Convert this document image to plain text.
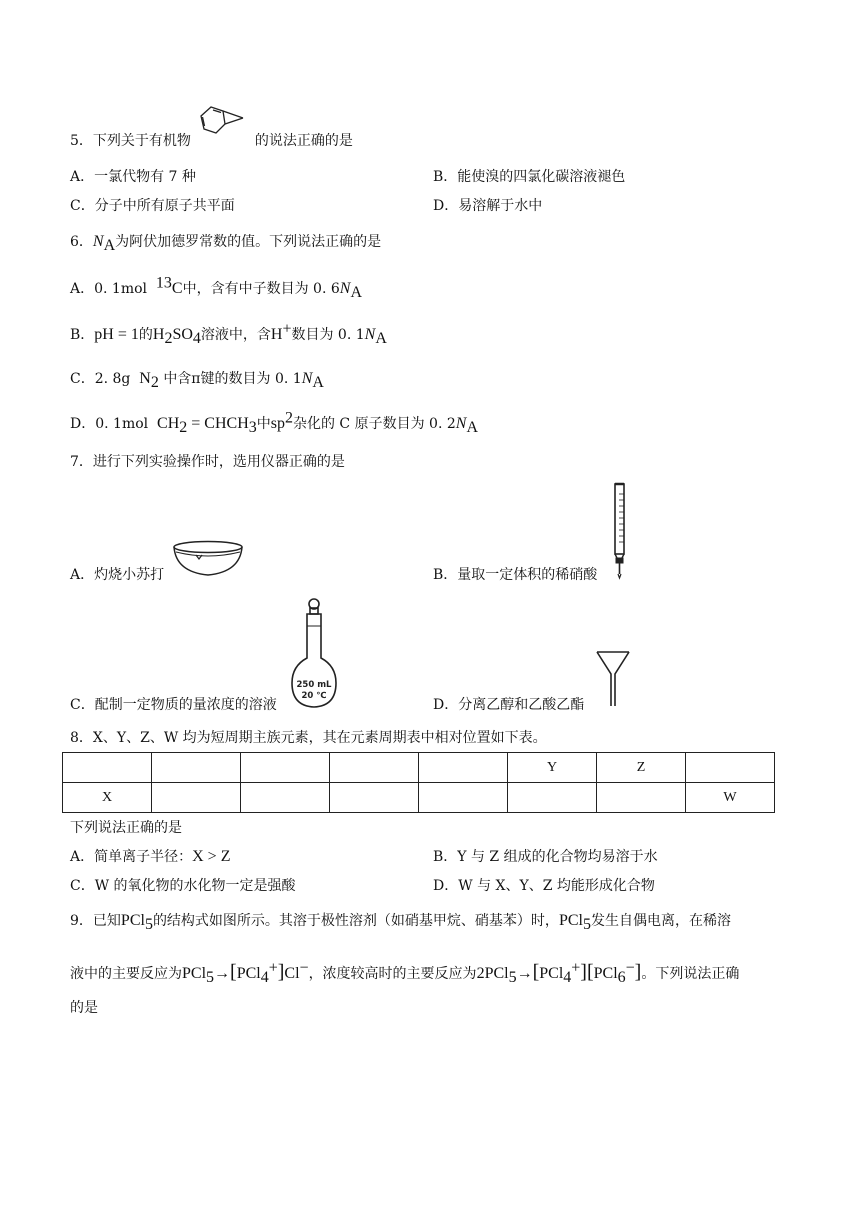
5．下列关于有机物	的说法正确的是
A．一氯代物有 7 种	B．能使溴的四氯化碳溶液褪色
C．分子中所有原子共平面	D．易溶解于水中
6．$N_A$为阿伏加德罗常数的值。下列说法正确的是
A．0. 1mol $^{13}$C中，含有中子数目为 0. $6N_A$
B．pH = 1的$H_2SO_4$溶液中，含H+数目为 0. $1N_A$
C．2. 8g $N_2$ 中含π键的数目为 0. $1N_A$
D．0. 1mol $CH_2$ = $CHCH_3$中$sp^2$杂化的 C 原子数目为 0. $2N_A$
7．进行下列实验操作时，选用仪器正确的是
A．灼烧小苏打	B．量取一定体积的稀硝酸
C．配制一定物质的量浓度的溶液
250 mL
20 ℃
D．分离乙醇和乙酸乙酯
8．X、Y、Z、W 均为短周期主族元素，其在元素周期表中相对位置如下表。
					Y	Z	
X							W
下列说法正确的是
A．简单离子半径：X > Z	B．Y 与 Z 组成的化合物均易溶于水
C．W 的氧化物的水化物一定是强酸	D．W 与 X、Y、Z 均能形成化合物
9．已知PCl$_5$的结构式如图所示。其溶于极性溶剂（如硝基甲烷、硝基苯）时，PCl$_5$发生自偶电离，在稀溶
液中的主要反应为PCl$_5$→[PCl$_4$+]Cl−，浓度较高时的主要反应为2PCl$_5$→[PCl$_4$+][PCl$_6$−]。下列说法正确
的是
